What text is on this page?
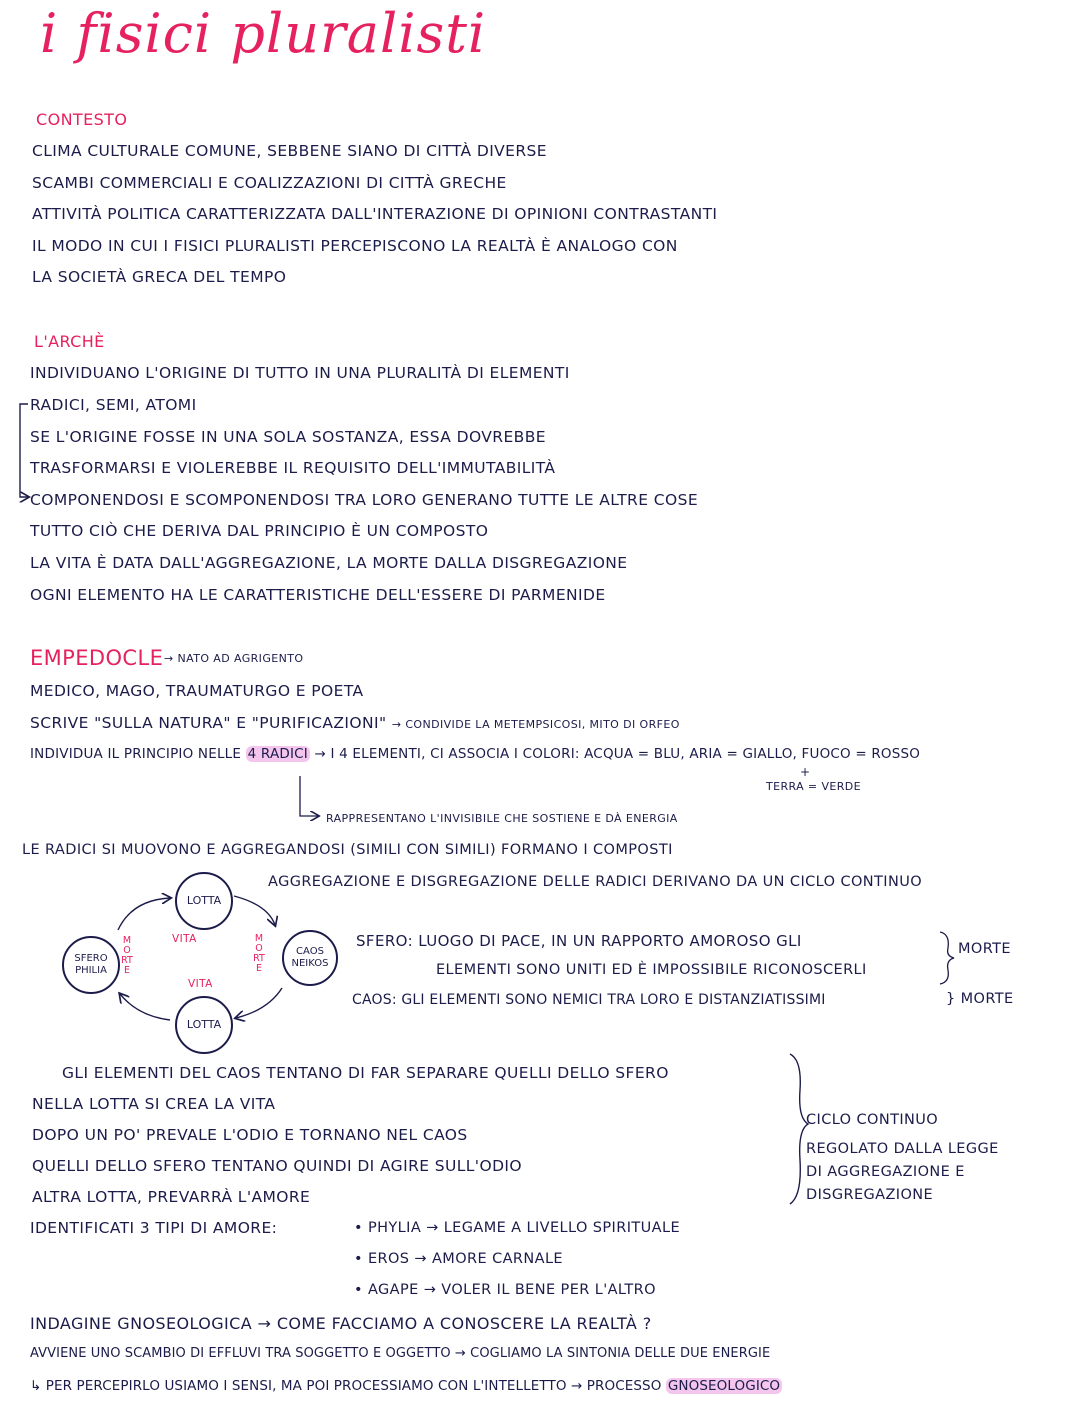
i fisici pluralisti
CONTESTO
CLIMA CULTURALE COMUNE, SEBBENE SIANO DI CITTÀ DIVERSE
SCAMBI COMMERCIALI E COALIZZAZIONI DI CITTÀ GRECHE
ATTIVITÀ POLITICA CARATTERIZZATA DALL'INTERAZIONE DI OPINIONI CONTRASTANTI
IL MODO IN CUI I FISICI PLURALISTI PERCEPISCONO LA REALTÀ È ANALOGO CON
LA SOCIETÀ GRECA DEL TEMPO
L'ARCHÈ
INDIVIDUANO L'ORIGINE DI TUTTO IN UNA PLURALITÀ DI ELEMENTI
RADICI, SEMI, ATOMI
SE L'ORIGINE FOSSE IN UNA SOLA SOSTANZA, ESSA DOVREBBE
TRASFORMARSI E VIOLEREBBE IL REQUISITO DELL'IMMUTABILITÀ
COMPONENDOSI E SCOMPONENDOSI TRA LORO GENERANO TUTTE LE ALTRE COSE
TUTTO CIÒ CHE DERIVA DAL PRINCIPIO È UN COMPOSTO
LA VITA È DATA DALL'AGGREGAZIONE, LA MORTE DALLA DISGREGAZIONE
OGNI ELEMENTO HA LE CARATTERISTICHE DELL'ESSERE DI PARMENIDE
EMPEDOCLE → NATO AD AGRIGENTO
MEDICO, MAGO, TRAUMATURGO E POETA
SCRIVE "SULLA NATURA" E "PURIFICAZIONI" → CONDIVIDE LA METEMPSICOSI, MITO DI ORFEO
INDIVIDUA IL PRINCIPIO NELLE 4 RADICI → I 4 ELEMENTI, CI ASSOCIA I COLORI: ACQUA = BLU, ARIA = GIALLO, FUOCO = ROSSO
+
TERRA = VERDE
RAPPRESENTANO L'INVISIBILE CHE SOSTIENE E DÀ ENERGIA
LE RADICI SI MUOVONO E AGGREGANDOSI (SIMILI CON SIMILI) FORMANO I COMPOSTI
AGGREGAZIONE E DISGREGAZIONE DELLE RADICI DERIVANO DA UN CICLO CONTINUO
LOTTA
LOTTA
SFERO
PHILIA
CAOS
NEIKOS
VITA
VITA
MORTE
MORTE
SFERO: LUOGO DI PACE, IN UN RAPPORTO AMOROSO GLI
ELEMENTI SONO UNITI ED È IMPOSSIBILE RICONOSCERLI
MORTE
CAOS: GLI ELEMENTI SONO NEMICI TRA LORO E DISTANZIATISSIMI	} MORTE
GLI ELEMENTI DEL CAOS TENTANO DI FAR SEPARARE QUELLI DELLO SFERO
NELLA LOTTA SI CREA LA VITA
DOPO UN PO' PREVALE L'ODIO E TORNANO NEL CAOS
QUELLI DELLO SFERO TENTANO QUINDI DI AGIRE SULL'ODIO
ALTRA LOTTA, PREVARRÀ L'AMORE
CICLO CONTINUO
REGOLATO DALLA LEGGE
DI AGGREGAZIONE E
DISGREGAZIONE
IDENTIFICATI 3 TIPI DI AMORE:	• PHYLIA → LEGAME A LIVELLO SPIRITUALE
• EROS → AMORE CARNALE
• AGAPE → VOLER IL BENE PER L'ALTRO
INDAGINE GNOSEOLOGICA → COME FACCIAMO A CONOSCERE LA REALTÀ ?
AVVIENE UNO SCAMBIO DI EFFLUVI TRA SOGGETTO E OGGETTO → COGLIAMO LA SINTONIA DELLE DUE ENERGIE
↳ PER PERCEPIRLO USIAMO I SENSI, MA POI PROCESSIAMO CON L'INTELLETTO → PROCESSO GNOSEOLOGICO
